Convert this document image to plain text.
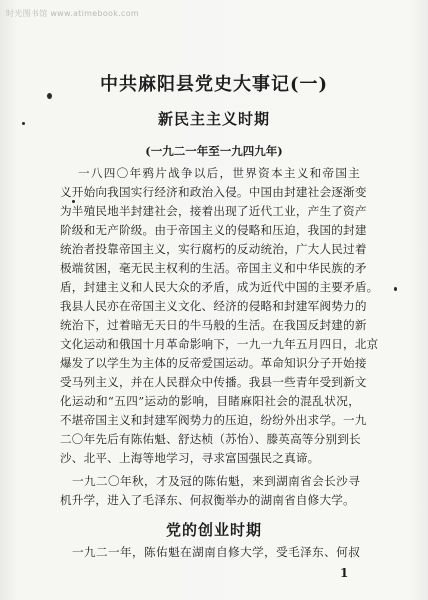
时光图书馆 www.atimebook.com
中共麻阳县党史大事记(一)
新民主主义时期
(一九二一年至一九四九年)
一八四〇年鸦片战争以后，世界资本主义和帝国主
义开始向我国实行经济和政治入侵。中国由封建社会逐渐变
为半殖民地半封建社会，接着出现了近代工业，产生了资产
阶级和无产阶级。由于帝国主义的侵略和压迫，我国的封建
统治者投靠帝国主义，实行腐朽的反动统治，广大人民过着
极端贫困，毫无民主权利的生活。帝国主义和中华民族的矛
盾，封建主义和人民大众的矛盾，成为近代中国的主要矛盾。
我县人民亦在帝国主义文化、经济的侵略和封建军阀势力的
统治下，过着暗无天日的牛马般的生活。在我国反封建的新
文化运动和俄国十月革命影响下，一九一九年五月四日，北京
爆发了以学生为主体的反帝爱国运动。革命知识分子开始接
受马列主义，并在人民群众中传播。我县一些青年受到新文
化运动和“五四”运动的影响，目睹麻阳社会的混乱状况，
不堪帝国主义和封建军阀势力的压迫，纷纷外出求学。一九
二〇年先后有陈佑魁、舒达桢（苏怡）、滕英高等分别到长
沙、北平、上海等地学习，寻求富国强民之真谛。
一九二〇年秋，才及冠的陈佑魁，来到湖南省会长沙寻
机升学，进入了毛泽东、何叔衡举办的湖南省自修大学。
党的创业时期
一九二一年，陈佑魁在湖南自修大学，受毛泽东、何叔
1
